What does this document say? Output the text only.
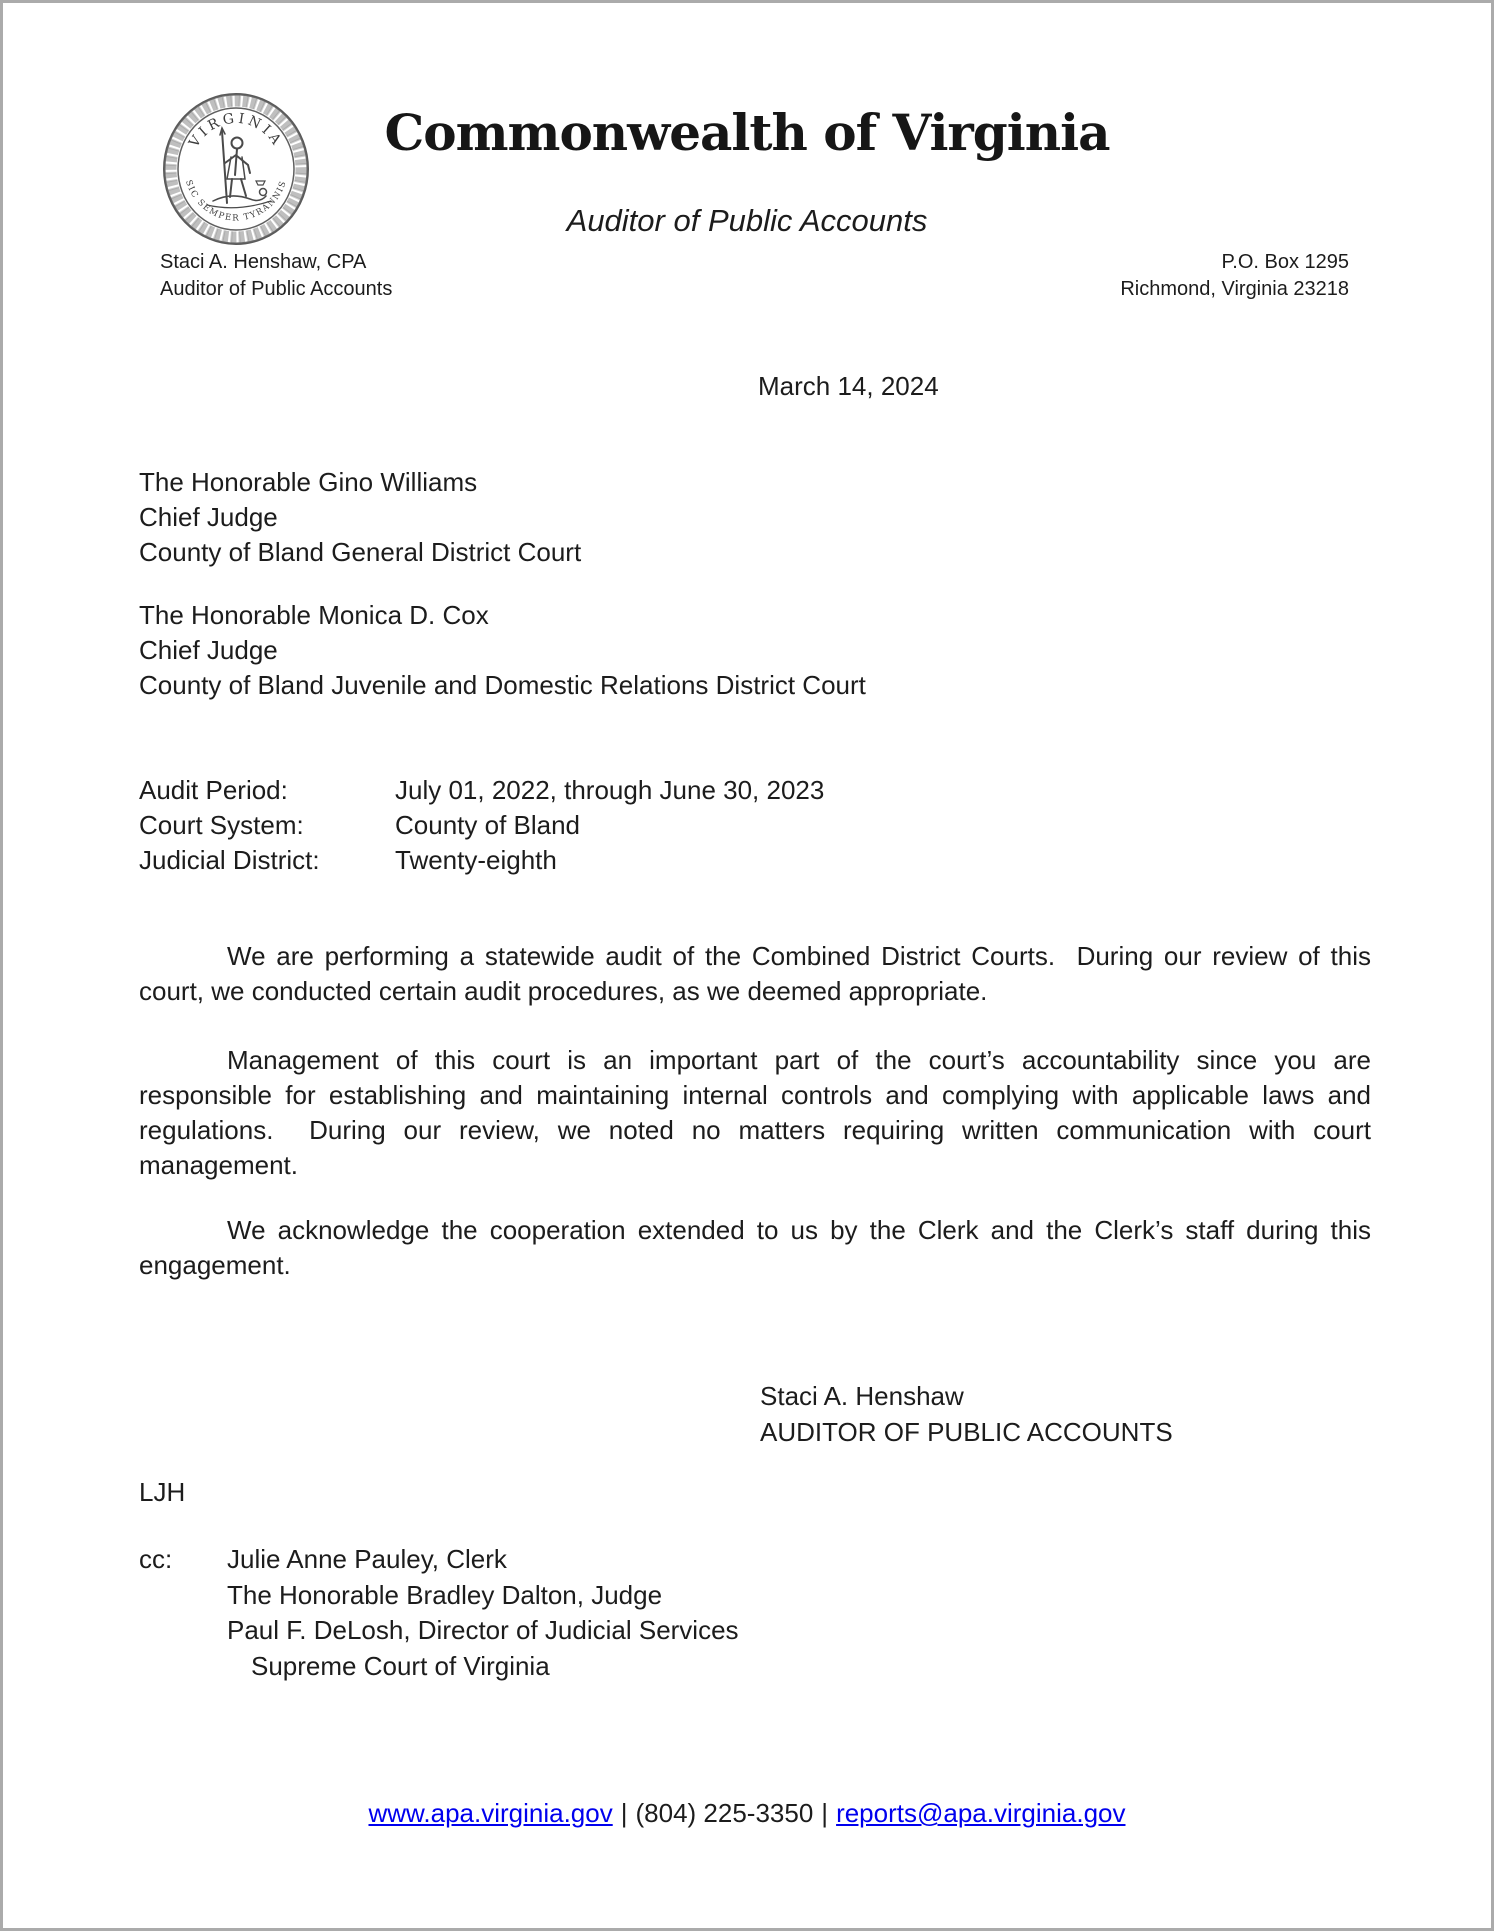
VIRGINIA
SIC SEMPER TYRANNIS
Commonwealth of Virginia
Auditor of Public Accounts
Staci A. Henshaw, CPA
Auditor of Public Accounts
P.O. Box 1295
Richmond, Virginia 23218
March 14, 2024
The Honorable Gino Williams
Chief Judge
County of Bland General District Court
The Honorable Monica D. Cox
Chief Judge
County of Bland Juvenile and Domestic Relations District Court
Audit Period:	July 01, 2022, through June 30, 2023
Court System:	County of Bland
Judicial District:	Twenty-eighth
We are performing a statewide audit of the Combined District Courts.  During our review of this court, we conducted certain audit procedures, as we deemed appropriate.
Management of this court is an important part of the court’s accountability since you are responsible for establishing and maintaining internal controls and complying with applicable laws and regulations.  During our review, we noted no matters requiring written communication with court management.
We acknowledge the cooperation extended to us by the Clerk and the Clerk’s staff during this engagement.
Staci A. Henshaw
AUDITOR OF PUBLIC ACCOUNTS
LJH
cc: Julie Anne Pauley, Clerk
The Honorable Bradley Dalton, Judge
Paul F. DeLosh, Director of Judicial Services
Supreme Court of Virginia
www.apa.virginia.gov | (804) 225-3350 | reports@apa.virginia.gov
